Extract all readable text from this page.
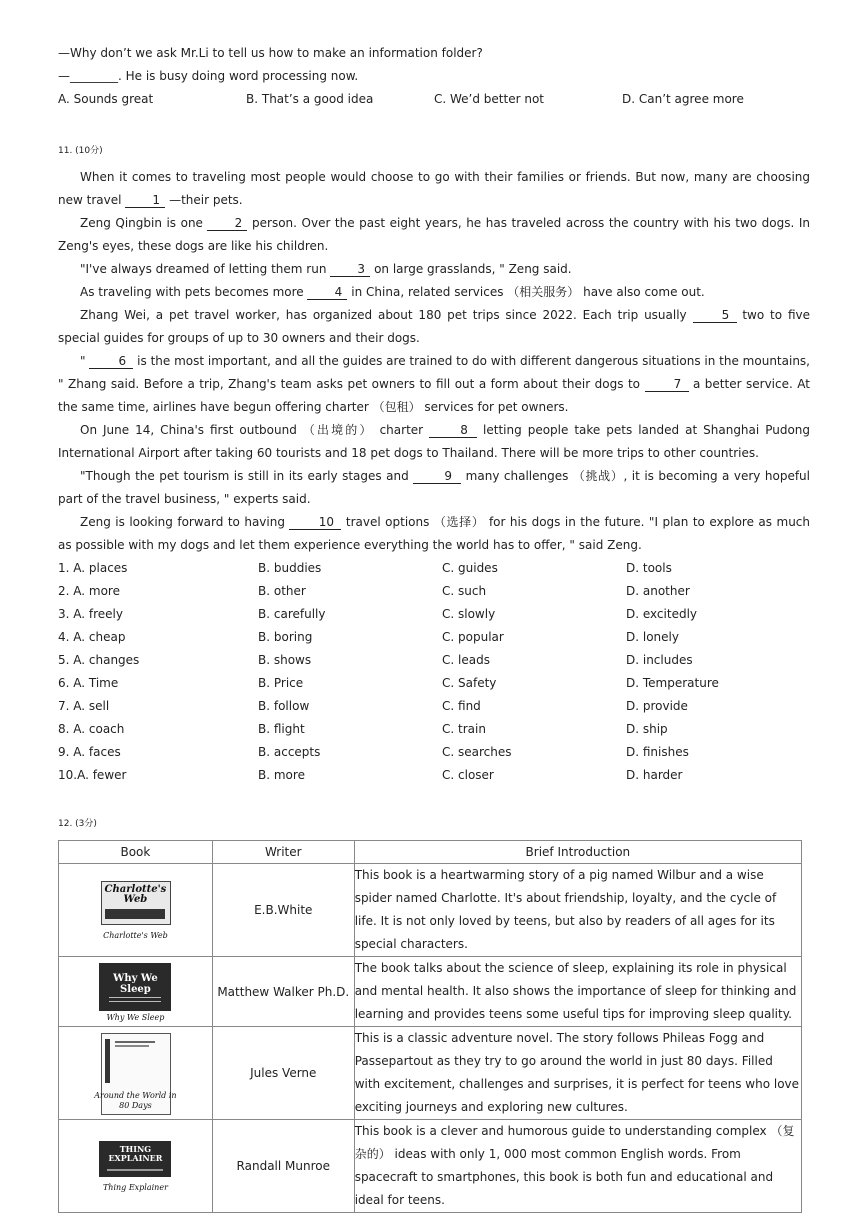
—Why don’t we ask Mr.Li to tell us how to make an information folder?
—________. He is busy doing word processing now.
A. Sounds great	B. That’s a good idea	C. We’d better not	D. Can’t agree more
11. (10分)

When it comes to traveling most people would choose to go with their families or friends. But now, many are choosing new travel 1 —their pets.

Zeng Qingbin is one 2 person. Over the past eight years, he has traveled across the country with his two dogs. In Zeng's eyes, these dogs are like his children.

"I've always dreamed of letting them run 3 on large grasslands, " Zeng said.

As traveling with pets becomes more 4 in China, related services （相关服务） have also come out.

Zhang Wei, a pet travel worker, has organized about 180 pet trips since 2022. Each trip usually 5 two to five special guides for groups of up to 30 owners and their dogs.

" 6 is the most important, and all the guides are trained to do with different dangerous situations in the mountains, " Zhang said. Before a trip, Zhang's team asks pet owners to fill out a form about their dogs to 7 a better service. At the same time, airlines have begun offering charter （包租） services for pet owners.

On June 14, China's first outbound （出境的） charter	8 letting people take pets landed at Shanghai Pudong International Airport after taking 60 tourists and 18 pet dogs to Thailand. There will be more trips to other countries.

"Though the pet tourism is still in its early stages and	9 many challenges （挑战）, it is becoming a very hopeful part of the travel business, " experts said.

Zeng is looking forward to having 10 travel options （选择） for his dogs in the future. "I plan to explore as much as possible with my dogs and let them experience everything the world has to offer, " said Zeng.

1. A. places	B. buddies	C. guides	D. tools
2. A. more	B. other	C. such	D. another
3. A. freely	B. carefully	C. slowly	D. excitedly
4. A. cheap	B. boring	C. popular	D. lonely
5. A. changes	B. shows	C. leads	D. includes
6. A. Time	B. Price	C. Safety	D. Temperature
7. A. sell	B. follow	C. find	D. provide
8. A. coach	B. flight	C. train	D. ship
9. A. faces	B. accepts	C. searches	D. finishes
10.A. fewer	B. more	C. closer	D. harder
12. (3分)
Book	Writer	Brief Introduction

Charlotte's Web
Charlotte's Web	E.B.White	This book is a heartwarming story of a pig named Wilbur and a wise spider named Charlotte. It's about friendship, loyalty, and the cycle of life. It is not only loved by teens, but also by readers of all ages for its special characters.

Why We Sleep
Why We Sleep	Matthew Walker Ph.D.	The book talks about the science of sleep, explaining its role in physical and mental health. It also shows the importance of sleep for thinking and learning and provides teens some useful tips for improving sleep quality.

Around the World in 80 Days	Jules Verne	This is a classic adventure novel. The story follows Phileas Fogg and Passepartout as they try to go around the world in just 80 days. Filled with excitement, challenges and surprises, it is perfect for teens who love exciting journeys and exploring new cultures.

THING EXPLAINER
Thing Explainer	Randall Munroe	This book is a clever and humorous guide to understanding complex （复杂的） ideas with only 1, 000 most common English words. From spacecraft to smartphones, this book is both fun and educational and ideal for teens.
